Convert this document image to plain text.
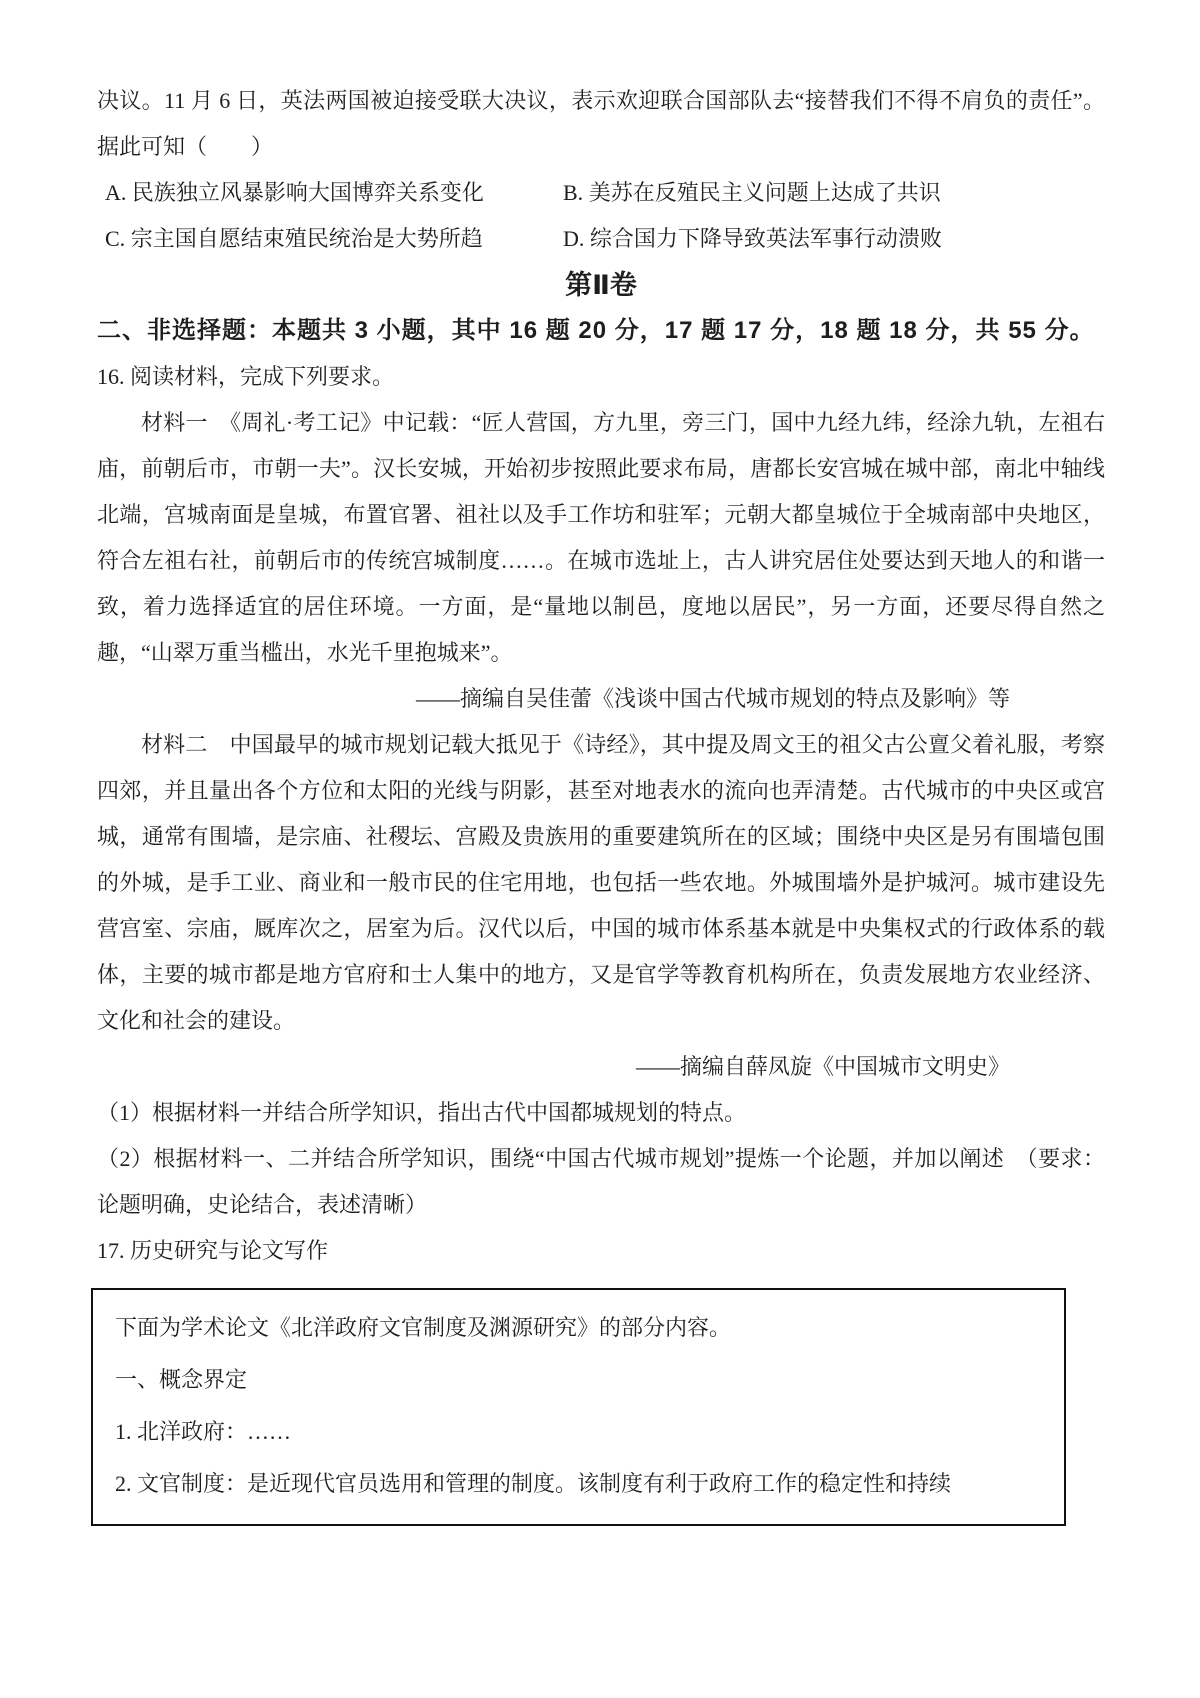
决议。11 月 6 日，英法两国被迫接受联大决议，表示欢迎联合国部队去“接替我们不得不肩负的责任”。据此可知（　　）

A. 民族独立风暴影响大国博弈关系变化	B. 美苏在反殖民主义问题上达成了共识
C. 宗主国自愿结束殖民统治是大势所趋	D. 综合国力下降导致英法军事行动溃败

第Ⅱ卷

二、非选择题：本题共 3 小题，其中 16 题 20 分，17 题 17 分，18 题 18 分，共 55 分。

16. 阅读材料，完成下列要求。

材料一　《周礼·考工记》中记载：“匠人营国，方九里，旁三门，国中九经九纬，经涂九轨，左祖右庙，前朝后市，市朝一夫”。汉长安城，开始初步按照此要求布局，唐都长安宫城在城中部，南北中轴线北端，宫城南面是皇城，布置官署、祖社以及手工作坊和驻军；元朝大都皇城位于全城南部中央地区，符合左祖右社，前朝后市的传统宫城制度……。在城市选址上，古人讲究居住处要达到天地人的和谐一致，着力选择适宜的居住环境。一方面，是“量地以制邑，度地以居民”，另一方面，还要尽得自然之趣，“山翠万重当槛出，水光千里抱城来”。

——摘编自吴佳蕾《浅谈中国古代城市规划的特点及影响》等

材料二　中国最早的城市规划记载大抵见于《诗经》，其中提及周文王的祖父古公亶父着礼服，考察四郊，并且量出各个方位和太阳的光线与阴影，甚至对地表水的流向也弄清楚。古代城市的中央区或宫城，通常有围墙，是宗庙、社稷坛、宫殿及贵族用的重要建筑所在的区域；围绕中央区是另有围墙包围的外城，是手工业、商业和一般市民的住宅用地，也包括一些农地。外城围墙外是护城河。城市建设先营宫室、宗庙，厩库次之，居室为后。汉代以后，中国的城市体系基本就是中央集权式的行政体系的载体，主要的城市都是地方官府和士人集中的地方，又是官学等教育机构所在，负责发展地方农业经济、文化和社会的建设。

——摘编自薛凤旋《中国城市文明史》

（1）根据材料一并结合所学知识，指出古代中国都城规划的特点。

（2）根据材料一、二并结合所学知识，围绕“中国古代城市规划”提炼一个论题，并加以阐述　（要求：论题明确，史论结合，表述清晰）

17. 历史研究与论文写作

下面为学术论文《北洋政府文官制度及渊源研究》的部分内容。

一、概念界定

1. 北洋政府：……

2. 文官制度：是近现代官员选用和管理的制度。该制度有利于政府工作的稳定性和持续
